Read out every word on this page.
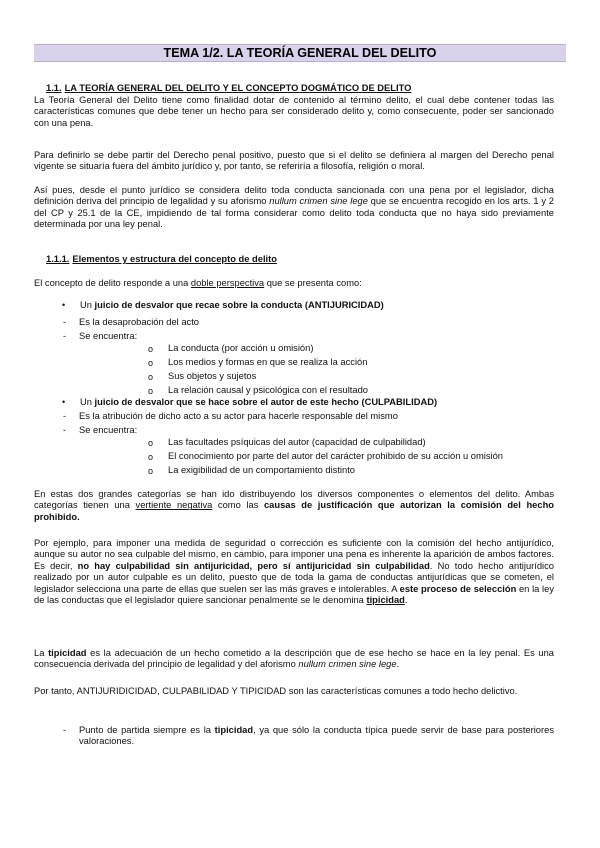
TEMA 1/2. LA TEORÍA GENERAL DEL DELITO

1.1. LA TEORÍA GENERAL DEL DELITO Y EL CONCEPTO DOGMÁTICO DE DELITO

La Teoría General del Delito tiene como finalidad dotar de contenido al término delito, el cual debe contener todas las características comunes que debe tener un hecho para ser considerado delito y, como consecuente, poder ser sancionado con una pena.

Para definirlo se debe partir del Derecho penal positivo, puesto que si el delito se definiera al margen del Derecho penal vigente se situaría fuera del ámbito jurídico y, por tanto, se referiría a filosofía, religión o moral.

Así pues, desde el punto jurídico se considera delito toda conducta sancionada con una pena por el legislador, dicha definición deriva del principio de legalidad y su aforismo nullum crimen sine lege que se encuentra recogido en los arts. 1 y 2 del CP y 25.1 de la CE, impidiendo de tal forma considerar como delito toda conducta que no haya sido previamente determinada por una ley penal.

1.1.1. Elementos y estructura del concepto de delito

El concepto de delito responde a una doble perspectiva que se presenta como:

• Un juicio de desvalor que recae sobre la conducta (ANTIJURICIDAD)
- Es la desaprobación del acto
- Se encuentra:
o La conducta (por acción u omisión)
o Los medios y formas en que se realiza la acción
o Sus objetos y sujetos
o La relación causal y psicológica con el resultado
• Un juicio de desvalor que se hace sobre el autor de este hecho (CULPABILIDAD)
- Es la atribución de dicho acto a su actor para hacerle responsable del mismo
- Se encuentra:
o Las facultades psíquicas del autor (capacidad de culpabilidad)
o El conocimiento por parte del autor del carácter prohibido de su acción u omisión
o La exigibilidad de un comportamiento distinto

En estas dos grandes categorías se han ido distribuyendo los diversos componentes o elementos del delito. Ambas categorías tienen una vertiente negativa como las causas de justificación que autorizan la comisión del hecho prohibido.

Por ejemplo, para imponer una medida de seguridad o corrección es suficiente con la comisión del hecho antijurídico, aunque su autor no sea culpable del mismo, en cambio, para imponer una pena es inherente la aparición de ambos factores. Es decir, no hay culpabilidad sin antijuricidad, pero sí antijuricidad sin culpabilidad. No todo hecho antijurídico realizado por un autor culpable es un delito, puesto que de toda la gama de conductas antijurídicas que se cometen, el legislador selecciona una parte de ellas que suelen ser las más graves e intolerables. A este proceso de selección en la ley de las conductas que el legislador quiere sancionar penalmente se le denomina tipicidad.

La tipicidad es la adecuación de un hecho cometido a la descripción que de ese hecho se hace en la ley penal. Es una consecuencia derivada del principio de legalidad y del aforismo nullum crimen sine lege.

Por tanto, ANTIJURIDICIDAD, CULPABILIDAD Y TIPICIDAD son las características comunes a todo hecho delictivo.

- Punto de partida siempre es la tipicidad, ya que sólo la conducta típica puede servir de base para posteriores valoraciones.
